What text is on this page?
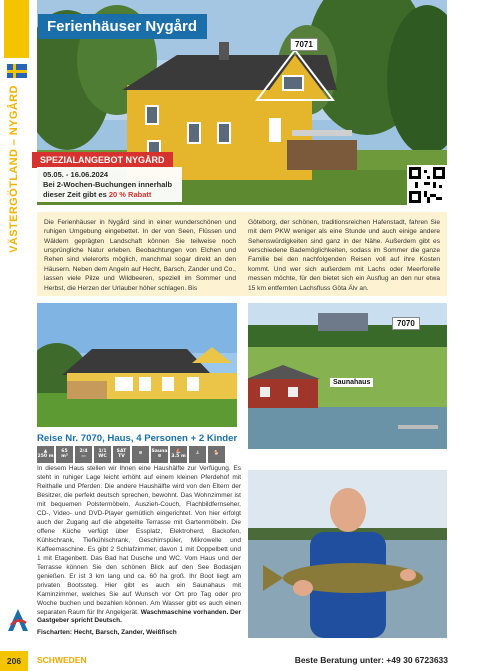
VÄSTERGÖTLAND – NYGÅRD
Ferienhäuser Nygård
7071
SPEZIALANGEBOT NYGÅRD
05.05. - 16.06.2024
Bei 2-Wochen-Buchungen innerhalb
dieser Zeit gibt es 20 % Rabatt

Die Ferienhäuser in Nygård sind in einer wunderschönen und ruhigen Umgebung eingebettet. In der von Seen, Flüssen und Wäldern geprägten Landschaft können Sie teilweise noch ursprüngliche Natur erleben. Beobachtungen von Elchen und Rehen sind vielerorts möglich, manchmal sogar direkt an den Häusern. Neben dem Angeln auf Hecht, Barsch, Zander und Co., lassen viele Pilze und Wildbeeren, speziell im Sommer und Herbst, die Herzen der Urlauber höher schlagen. Bis

Göteborg, der schönen, traditionsreichen Hafenstadt, fahren Sie mit dem PKW weniger als eine Stunde und auch einige andere Sehenswürdigkeiten sind ganz in der Nähe. Außerdem gibt es verschiedene Bademöglichkeiten, sodass im Sommer die ganze Familie bei den nachfolgenden Reisen voll auf ihre Kosten kommt. Und wer sich außerdem mit Lachs oder Meerforelle messen möchte, für den bietet sich ein Ausflug an den nur etwa 15 km entfernten Lachsfluss Göta Älv an.

7070
Saunahaus
Reise Nr. 7070, Haus, 4 Personen + 2 Kinder
▲
250 m
65
m²
2/4
▭
1/1
WC
SAT
TV	≋ Sauna
≋
⛵
3.5 m ⚓	🐕
In diesem Haus stellen wir Ihnen eine Haushälfte zur Verfügung. Es steht in ruhiger Lage leicht erhöht auf einem kleinen Pferdehof mit Reithalle und Pferden. Die andere Haushälfte wird von den Eltern der Besitzer, die perfekt deutsch sprechen, bewohnt. Das Wohnzimmer ist mit bequemen Polstermöbeln, Auszieh-Couch, Flachbildfernseher, CD-, Video- und DVD-Player gemütlich eingerichtet. Von hier erfolgt auch der Zugang auf die abgeteilte Terrasse mit Gartenmöbeln. Die offene Küche verfügt über Essplatz, Elektroherd, Backofen, Kühlschrank, Tiefkühlschrank, Geschirrspüler, Mikrowelle und Kaffeemaschine. Es gibt 2 Schlafzimmer, davon 1 mit Doppelbett und 1 mit Etagenbett. Das Bad hat Dusche und WC. Vom Haus und der Terrasse können Sie den schönen Blick auf den See Bodasjøn genießen. Er ist 3 km lang und ca. 60 ha groß. Ihr Boot liegt am privaten Bootssteg. Hier gibt es auch ein Saunahaus mit Kaminzimmer, welches Sie auf Wunsch vor Ort pro Tag oder pro Woche buchen und bezahlen können. Am Wasser gibt es auch einen separaten Raum für Ihr Angelgerät. Waschmaschine vorhanden. Der Gastgeber spricht Deutsch.
Fischarten: Hecht, Barsch, Zander, Weißfisch
206	SCHWEDEN	Beste Beratung unter: +49 30 6723633
